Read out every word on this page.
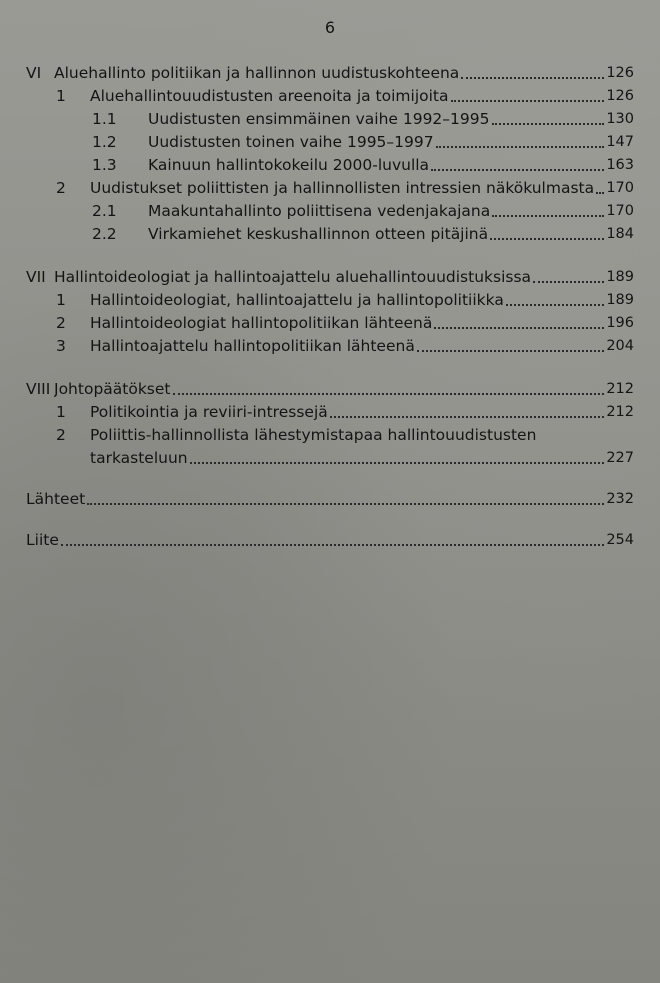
6
VI Aluehallinto politiikan ja hallinnon uudistuskohteena	126
1	Aluehallintouudistusten areenoita ja toimijoita	126
1.1	Uudistusten ensimmäinen vaihe 1992–1995	130
1.2	Uudistusten toinen vaihe 1995–1997	147
1.3	Kainuun hallintokokeilu 2000-luvulla	163
2	Uudistukset poliittisten ja hallinnollisten intressien näkökulmasta 170
2.1	Maakuntahallinto poliittisena vedenjakajana	170
2.2	Virkamiehet keskushallinnon otteen pitäjinä	184
VII Hallintoideologiat ja hallintoajattelu aluehallintouudistuksissa	189
1	Hallintoideologiat, hallintoajattelu ja hallintopolitiikka	189
2	Hallintoideologiat hallintopolitiikan lähteenä	196
3	Hallintoajattelu hallintopolitiikan lähteenä	204
VIII Johtopäätökset	212
1	Politikointia ja reviiri-intressejä	212
2	Poliittis-hallinnollista lähestymistapaa hallintouudistusten
tarkasteluun	227
Lähteet	232
Liite	254
